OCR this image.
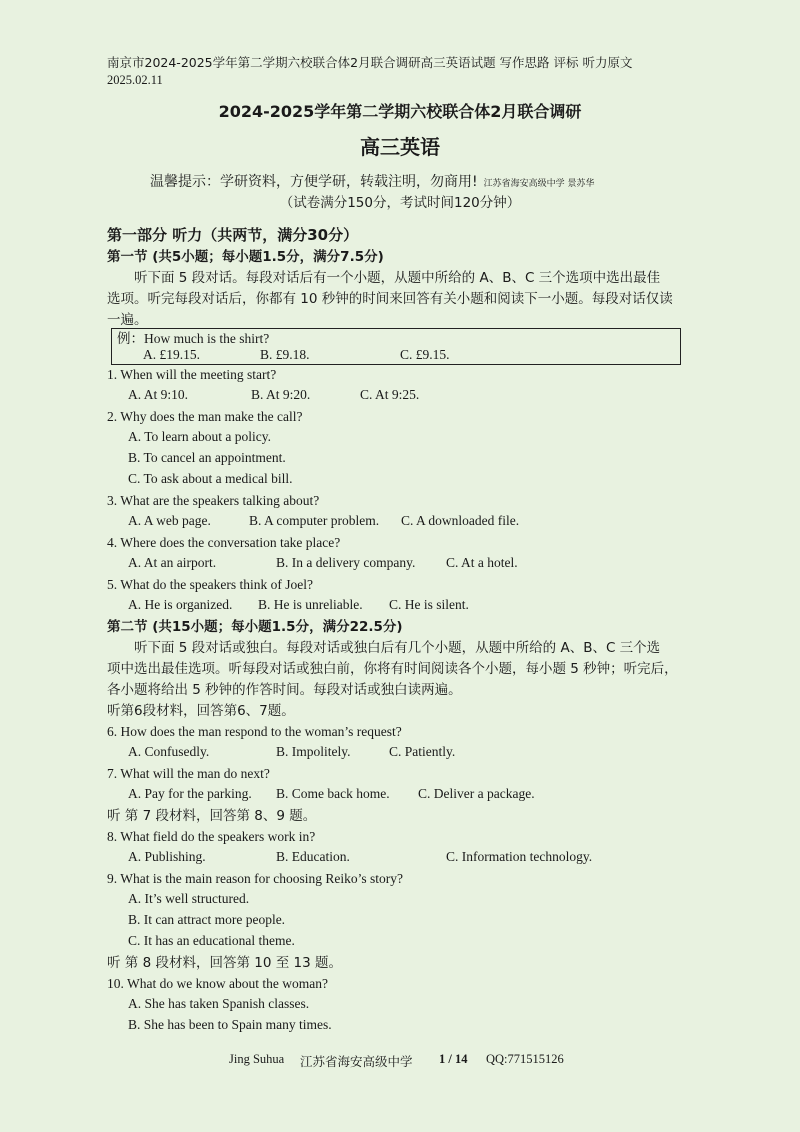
南京市2024-2025学年第二学期六校联合体2月联合调研高三英语试题 写作思路 评标 听力原文
2025.02.11
2024-2025学年第二学期六校联合体2月联合调研
高三英语
温馨提示：学研资料，方便学研，转载注明，勿商用! 江苏省海安高级中学 景苏华
（试卷满分150分，考试时间120分钟）
第一部分 听力（共两节，满分30分）
第一节 (共5小题；每小题1.5分，满分7.5分)
听下面 5 段对话。每段对话后有一个小题，从题中所给的 A、B、C 三个选项中选出最佳
选项。听完每段对话后，你都有 10 秒钟的时间来回答有关小题和阅读下一小题。每段对话仅读
一遍。
例：How much is the shirt?
A. £19.15.	B. £9.18.	C. £9.15.
1. When will the meeting start?
A. At 9:10.	B. At 9:20.	C. At 9:25.
2. Why does the man make the call?
A. To learn about a policy.
B. To cancel an appointment.
C. To ask about a medical bill.
3. What are the speakers talking about?
A. A web page.	B. A computer problem. C. A downloaded file.
4. Where does the conversation take place?
A. At an airport.	B. In a delivery company. C. At a hotel.
5. What do the speakers think of Joel?
A. He is organized. B. He is unreliable. C. He is silent.
第二节 (共15小题；每小题1.5分，满分22.5分)
听下面 5 段对话或独白。每段对话或独白后有几个小题，从题中所给的 A、B、C 三个选
项中选出最佳选项。听每段对话或独白前，你将有时间阅读各个小题，每小题 5 秒钟；听完后，
各小题将给出 5 秒钟的作答时间。每段对话或独白读两遍。
听第6段材料，回答第6、7题。
6. How does the man respond to the woman’s request?
A. Confusedly.	B. Impolitely.	C. Patiently.
7. What will the man do next?
A. Pay for the parking. B. Come back home. C. Deliver a package.
听 第 7 段材料，回答第 8、9 题。
8. What field do the speakers work in?
A. Publishing.	B. Education.	C. Information technology.
9. What is the main reason for choosing Reiko’s story?
A. It’s well structured.
B. It can attract more people.
C. It has an educational theme.
听 第 8 段材料，回答第 10 至 13 题。
10. What do we know about the woman?
A. She has taken Spanish classes.
B. She has been to Spain many times.
Jing Suhua 江苏省海安高级中学 1 / 14 QQ:771515126
